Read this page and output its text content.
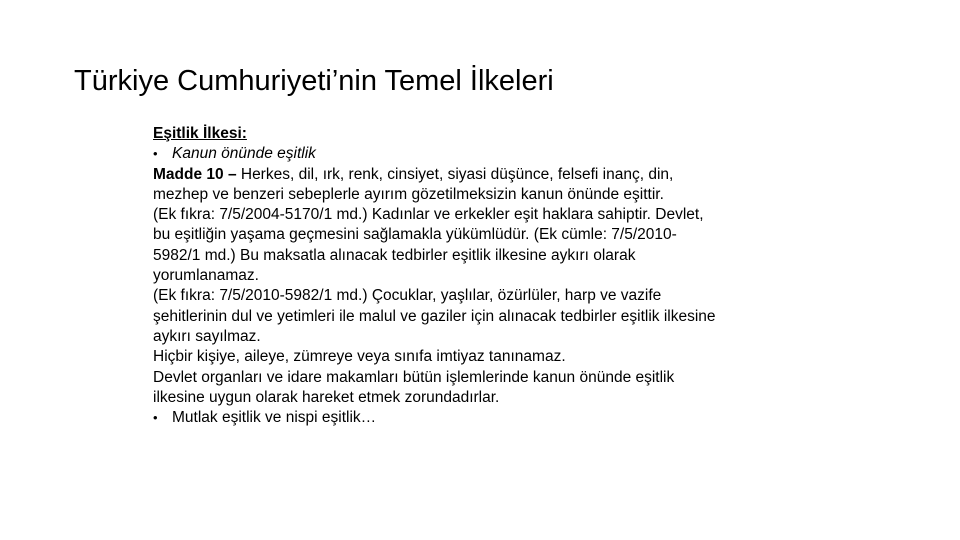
Türkiye Cumhuriyeti’nin Temel İlkeleri
Eşitlik İlkesi:
• Kanun önünde eşitlik
Madde 10 – Herkes, dil, ırk, renk, cinsiyet, siyasi düşünce, felsefi inanç, din,
mezhep ve benzeri sebeplerle ayırım gözetilmeksizin kanun önünde eşittir.
(Ek fıkra: 7/5/2004-5170/1 md.) Kadınlar ve erkekler eşit haklara sahiptir. Devlet,
bu eşitliğin yaşama geçmesini sağlamakla yükümlüdür. (Ek cümle: 7/5/2010-
5982/1 md.) Bu maksatla alınacak tedbirler eşitlik ilkesine aykırı olarak
yorumlanamaz.
(Ek fıkra: 7/5/2010-5982/1 md.) Çocuklar, yaşlılar, özürlüler, harp ve vazife
şehitlerinin dul ve yetimleri ile malul ve gaziler için alınacak tedbirler eşitlik ilkesine
aykırı sayılmaz.
Hiçbir kişiye, aileye, zümreye veya sınıfa imtiyaz tanınamaz.
Devlet organları ve idare makamları bütün işlemlerinde kanun önünde eşitlik
ilkesine uygun olarak hareket etmek zorundadırlar.
• Mutlak eşitlik ve nispi eşitlik…
